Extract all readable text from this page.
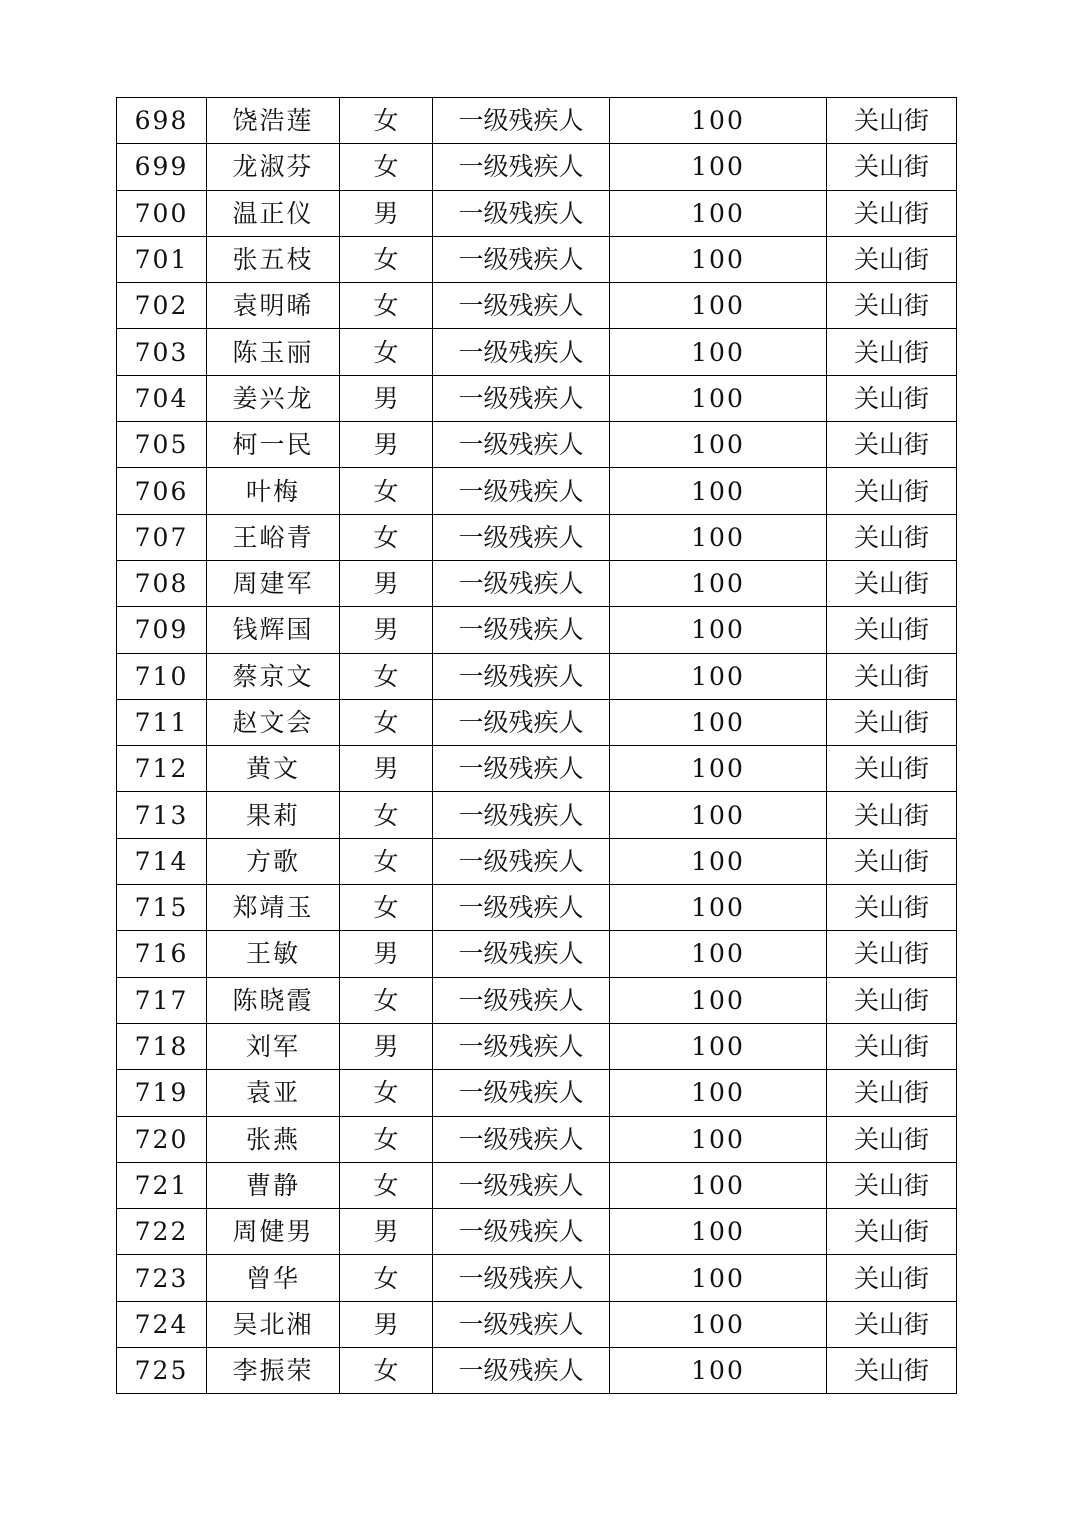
698	饶浩莲	女	一级残疾人	100	关山街
699	龙淑芬	女	一级残疾人	100	关山街
700	温正仪	男	一级残疾人	100	关山街
701	张五枝	女	一级残疾人	100	关山街
702	袁明晞	女	一级残疾人	100	关山街
703	陈玉丽	女	一级残疾人	100	关山街
704	姜兴龙	男	一级残疾人	100	关山街
705	柯一民	男	一级残疾人	100	关山街
706	叶梅	女	一级残疾人	100	关山街
707	王峪青	女	一级残疾人	100	关山街
708	周建军	男	一级残疾人	100	关山街
709	钱辉国	男	一级残疾人	100	关山街
710	蔡京文	女	一级残疾人	100	关山街
711	赵文会	女	一级残疾人	100	关山街
712	黄文	男	一级残疾人	100	关山街
713	果莉	女	一级残疾人	100	关山街
714	方歌	女	一级残疾人	100	关山街
715	郑靖玉	女	一级残疾人	100	关山街
716	王敏	男	一级残疾人	100	关山街
717	陈晓霞	女	一级残疾人	100	关山街
718	刘军	男	一级残疾人	100	关山街
719	袁亚	女	一级残疾人	100	关山街
720	张燕	女	一级残疾人	100	关山街
721	曹静	女	一级残疾人	100	关山街
722	周健男	男	一级残疾人	100	关山街
723	曾华	女	一级残疾人	100	关山街
724	吴北湘	男	一级残疾人	100	关山街
725	李振荣	女	一级残疾人	100	关山街
